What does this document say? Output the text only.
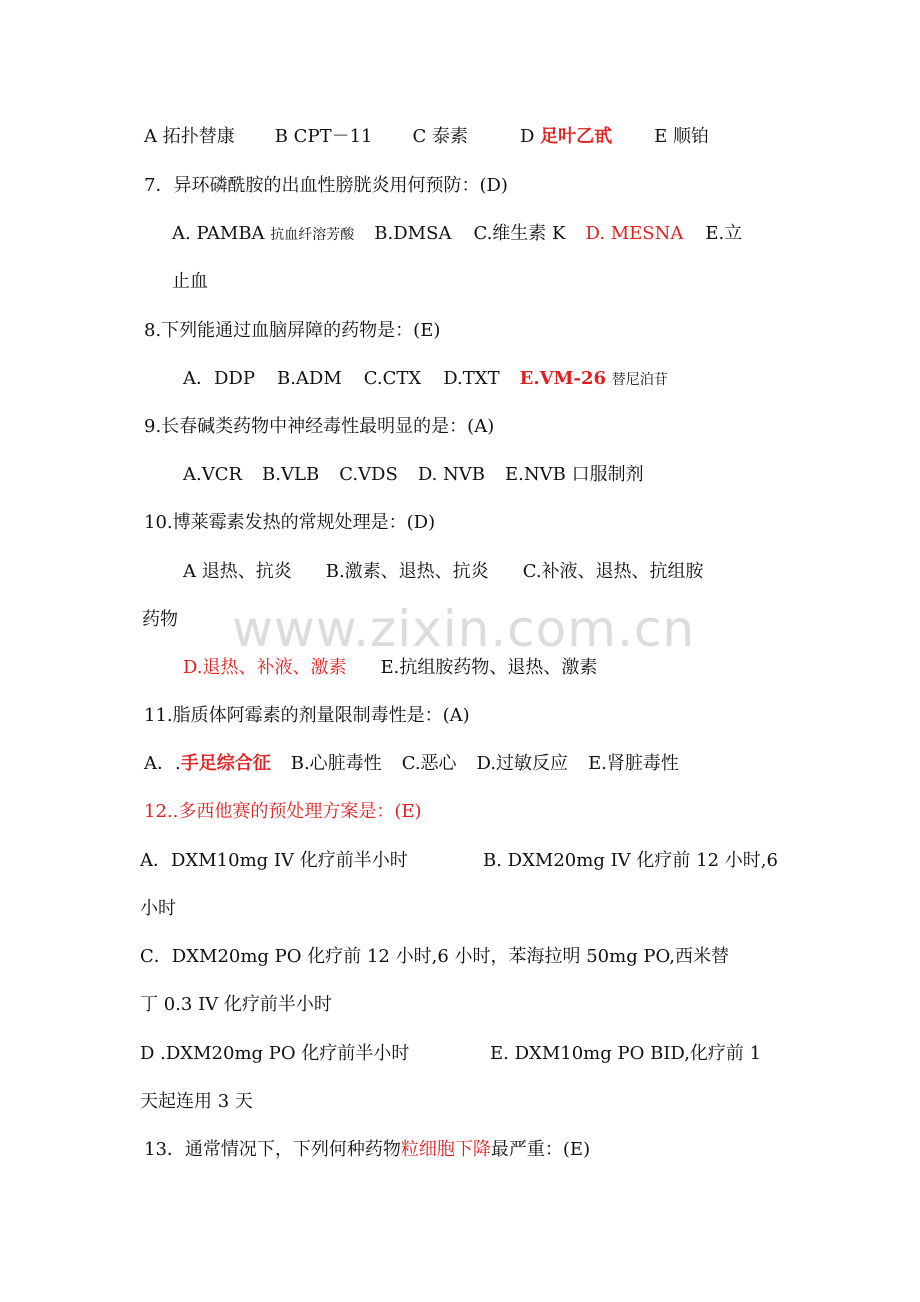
www.zixin.com.cn
A 拓扑替康 B CPT－11 C 泰素	D 足叶乙甙 E 顺铂
7．异环磷酰胺的出血性膀胱炎用何预防：(D)
A. PAMBA 抗血纤溶芳酸 B.DMSA C.维生素 K D. MESNA E.立
止血
8.下列能通过血脑屏障的药物是：(E)
A．DDP B.ADM C.CTX D.TXT E.VM-26 替尼泊苷
9.长春碱类药物中神经毒性最明显的是：(A)
A.VCR B.VLB C.VDS D. NVB E.NVB 口服制剂
10.博莱霉素发热的常规处理是：(D)
A 退热、抗炎 B.激素、退热、抗炎 C.补液、退热、抗组胺
药物
D.退热、补液、激素 E.抗组胺药物、退热、激素
11.脂质体阿霉素的剂量限制毒性是：(A)
A．.手足综合征 B.心脏毒性 C.恶心 D.过敏反应 E.肾脏毒性
12..多西他赛的预处理方案是：(E)
A．DXM10mg IV 化疗前半小时	B. DXM20mg IV 化疗前 12 小时,6
小时
C．DXM20mg PO 化疗前 12 小时,6 小时，苯海拉明 50mg PO,西米替
丁 0.3 IV 化疗前半小时
D .DXM20mg PO 化疗前半小时	E. DXM10mg PO BID,化疗前 1
天起连用 3 天
13．通常情况下，下列何种药物粒细胞下降最严重：(E)
